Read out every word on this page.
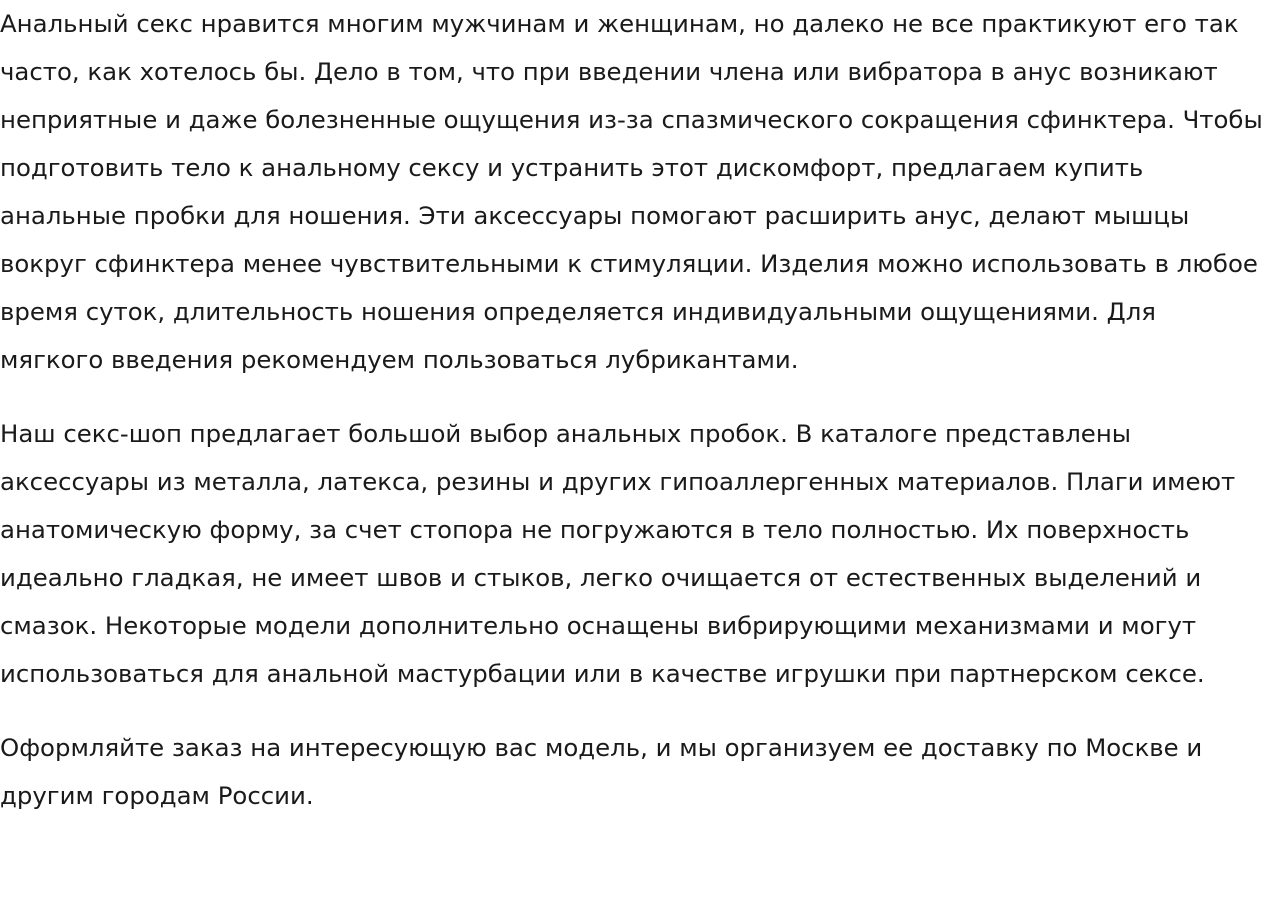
Анальный секс нравится многим мужчинам и женщинам, но далеко не все практикуют его так часто, как хотелось бы. Дело в том, что при введении члена или вибратора в анус возникают неприятные и даже болезненные ощущения из-за спазмического сокращения сфинктера. Чтобы подготовить тело к анальному сексу и устранить этот дискомфорт, предлагаем купить анальные пробки для ношения. Эти аксессуары помогают расширить анус, делают мышцы вокруг сфинктера менее чувствительными к стимуляции. Изделия можно использовать в любое время суток, длительность ношения определяется индивидуальными ощущениями. Для мягкого введения рекомендуем пользоваться лубрикантами.

Наш секс-шоп предлагает большой выбор анальных пробок. В каталоге представлены аксессуары из металла, латекса, резины и других гипоаллергенных материалов. Плаги имеют анатомическую форму, за счет стопора не погружаются в тело полностью. Их поверхность идеально гладкая, не имеет швов и стыков, легко очищается от естественных выделений и смазок. Некоторые модели дополнительно оснащены вибрирующими механизмами и могут использоваться для анальной мастурбации или в качестве игрушки при партнерском сексе.

Оформляйте заказ на интересующую вас модель, и мы организуем ее доставку по Москве и другим городам России.
